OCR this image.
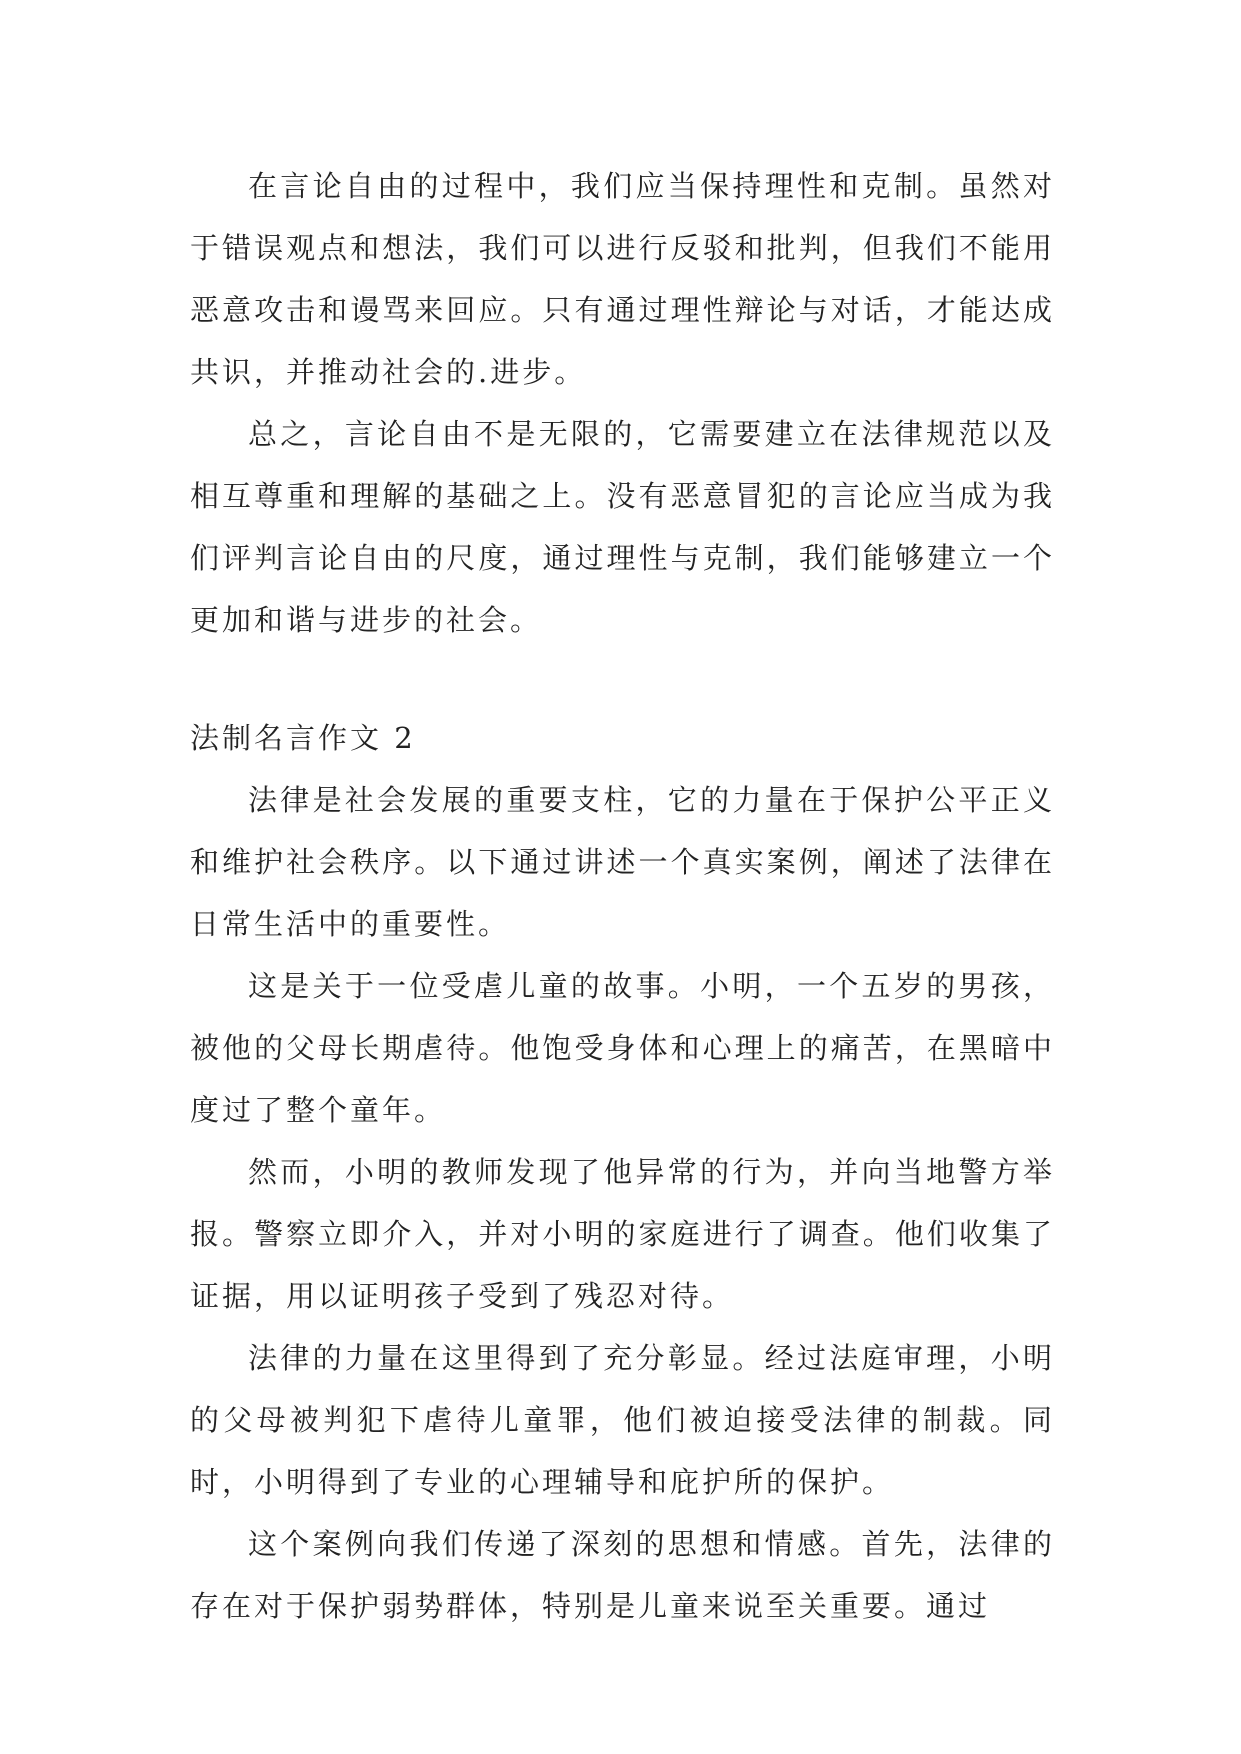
在言论自由的过程中，我们应当保持理性和克制。虽然对于错误观点和想法，我们可以进行反驳和批判，但我们不能用恶意攻击和谩骂来回应。只有通过理性辩论与对话，才能达成共识，并推动社会的.进步。

总之，言论自由不是无限的，它需要建立在法律规范以及相互尊重和理解的基础之上。没有恶意冒犯的言论应当成为我们评判言论自由的尺度，通过理性与克制，我们能够建立一个更加和谐与进步的社会。

法制名言作文 2

法律是社会发展的重要支柱，它的力量在于保护公平正义和维护社会秩序。以下通过讲述一个真实案例，阐述了法律在日常生活中的重要性。

这是关于一位受虐儿童的故事。小明，一个五岁的男孩，被他的父母长期虐待。他饱受身体和心理上的痛苦，在黑暗中度过了整个童年。

然而，小明的教师发现了他异常的行为，并向当地警方举报。警察立即介入，并对小明的家庭进行了调查。他们收集了证据，用以证明孩子受到了残忍对待。

法律的力量在这里得到了充分彰显。经过法庭审理，小明的父母被判犯下虐待儿童罪，他们被迫接受法律的制裁。同时，小明得到了专业的心理辅导和庇护所的保护。

这个案例向我们传递了深刻的思想和情感。首先，法律的存在对于保护弱势群体，特别是儿童来说至关重要。通过
